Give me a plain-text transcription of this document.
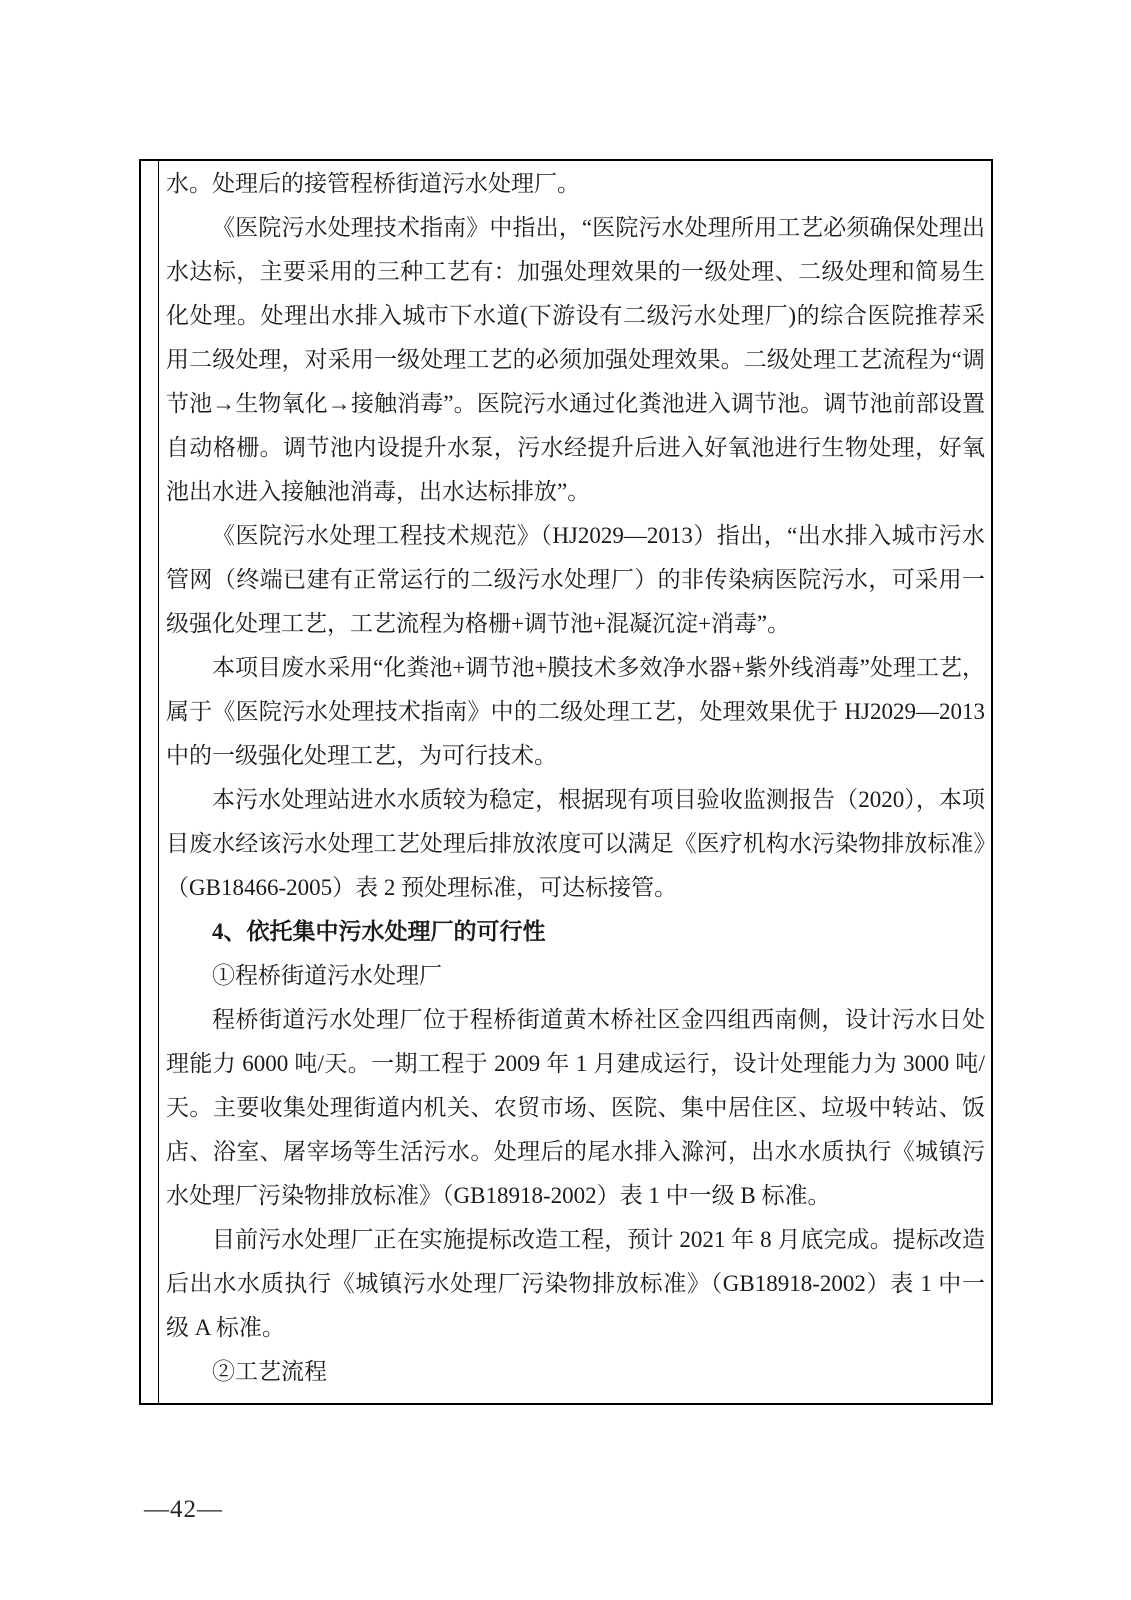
水。处理后的接管程桥街道污水处理厂。

《医院污水处理技术指南》中指出，“医院污水处理所用工艺必须确保处理出水达标，主要采用的三种工艺有：加强处理效果的一级处理、二级处理和简易生化处理。处理出水排入城市下水道(下游设有二级污水处理厂)的综合医院推荐采用二级处理，对采用一级处理工艺的必须加强处理效果。二级处理工艺流程为“调节池→生物氧化→接触消毒”。医院污水通过化粪池进入调节池。调节池前部设置自动格栅。调节池内设提升水泵，污水经提升后进入好氧池进行生物处理，好氧池出水进入接触池消毒，出水达标排放”。

《医院污水处理工程技术规范》（HJ2029—2013）指出，“出水排入城市污水管网（终端已建有正常运行的二级污水处理厂）的非传染病医院污水，可采用一级强化处理工艺，工艺流程为格栅+调节池+混凝沉淀+消毒”。

本项目废水采用“化粪池+调节池+膜技术多效净水器+紫外线消毒”处理工艺，属于《医院污水处理技术指南》中的二级处理工艺，处理效果优于 HJ2029—2013 中的一级强化处理工艺，为可行技术。

本污水处理站进水水质较为稳定，根据现有项目验收监测报告（2020），本项目废水经该污水处理工艺处理后排放浓度可以满足《医疗机构水污染物排放标准》（GB18466-2005）表 2 预处理标准，可达标接管。

4、依托集中污水处理厂的可行性

①程桥街道污水处理厂

程桥街道污水处理厂位于程桥街道黄木桥社区金四组西南侧，设计污水日处理能力 6000 吨/天。一期工程于 2009 年 1 月建成运行，设计处理能力为 3000 吨/天。主要收集处理街道内机关、农贸市场、医院、集中居住区、垃圾中转站、饭店、浴室、屠宰场等生活污水。处理后的尾水排入滁河，出水水质执行《城镇污水处理厂污染物排放标准》（GB18918-2002）表 1 中一级 B 标准。

目前污水处理厂正在实施提标改造工程，预计 2021 年 8 月底完成。提标改造后出水水质执行《城镇污水处理厂污染物排放标准》（GB18918-2002）表 1 中一级 A 标准。

②工艺流程

—42—
